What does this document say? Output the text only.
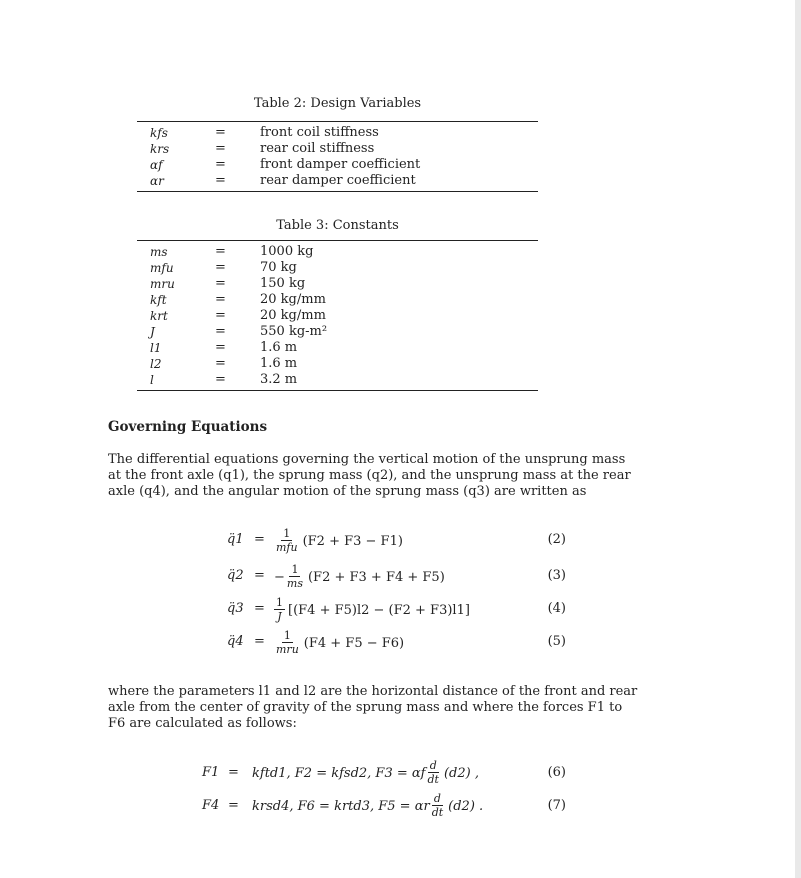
Table 2: Design Variables
kfs	=	front coil stiffness
krs	=	rear coil stiffness
αf	=	front damper coefficient
αr	=	rear damper coefficient
Table 3: Constants
ms	=	1000 kg
mfu	=	70 kg
mru	=	150 kg
kft	=	20 kg/mm
krt	=	20 kg/mm
J	=	550 kg-m²
l1	=	1.6 m
l2	=	1.6 m
l	=	3.2 m
Governing Equations
The differential equations governing the vertical motion of the unsprung mass
at the front axle (q1), the sprung mass (q2), and the unsprung mass at the rear
axle (q4), and the angular motion of the sprung mass (q3) are written as
q̈1 = $\frac{1}{\text{mfu}} (F2 + F3 - F1)$	(2)
q̈2 = − $\frac{1}{ms} (F2 + F3 + F4 + F5)$	(3)
q̈3 = $\frac{1}{J} [(F4 + F5)l2 - (F2 + F3)l1]$	(4)
q̈4 = $\frac{1}{\text{mru}} (F4 + F5 - F6)$	(5)
where the parameters l1 and l2 are the horizontal distance of the front and rear
axle from the center of gravity of the sprung mass and where the forces F1 to
F6 are calculated as follows:
F1 = kftd1, F2 = kfsd2, F3 = αf $\frac{d}{dt} (d2)$ ,	(6)
F4 = krsd4, F6 = krtd3, F5 = αr $\frac{d}{dt} (d2)$ .	(7)
